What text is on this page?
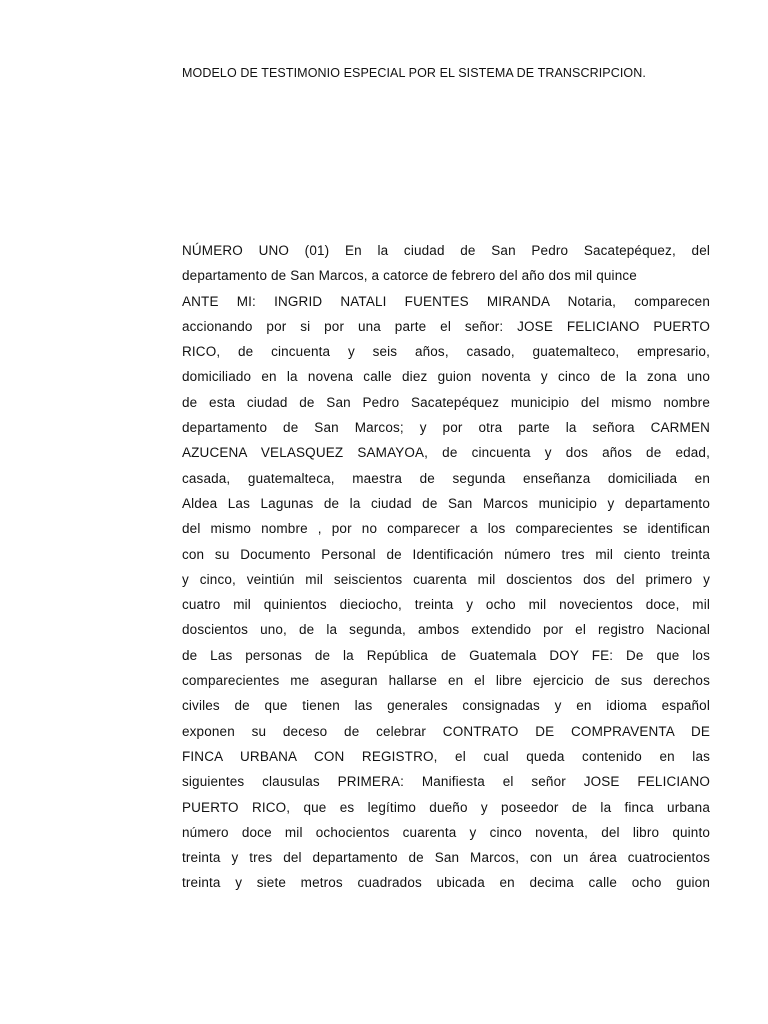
MODELO DE TESTIMONIO ESPECIAL POR EL SISTEMA DE TRANSCRIPCION.
NÚMERO UNO (01) En la ciudad de San Pedro Sacatepéquez, del
departamento de San Marcos, a catorce de febrero del año dos mil quince
ANTE MI: INGRID NATALI FUENTES MIRANDA Notaria, comparecen
accionando por si por una parte el señor: JOSE FELICIANO PUERTO
RICO, de cincuenta y seis años, casado, guatemalteco, empresario,
domiciliado en la novena calle diez guion noventa y cinco de la zona uno
de esta ciudad de San Pedro Sacatepéquez municipio del mismo nombre
departamento de San Marcos; y por otra parte la señora CARMEN
AZUCENA VELASQUEZ SAMAYOA, de cincuenta y dos años de edad,
casada, guatemalteca, maestra de segunda enseñanza domiciliada en
Aldea Las Lagunas de la ciudad de San Marcos municipio y departamento
del mismo nombre , por no comparecer a los comparecientes se identifican
con su Documento Personal de Identificación número tres mil ciento treinta
y cinco, veintiún mil seiscientos cuarenta mil doscientos dos del primero y
cuatro mil quinientos dieciocho, treinta y ocho mil novecientos doce, mil
doscientos uno, de la segunda, ambos extendido por el registro Nacional
de Las personas de la República de Guatemala DOY FE: De que los
comparecientes me aseguran hallarse en el libre ejercicio de sus derechos
civiles de que tienen las generales consignadas y en idioma español
exponen su deceso de celebrar CONTRATO DE COMPRAVENTA DE
FINCA URBANA CON REGISTRO, el cual queda contenido en las
siguientes clausulas PRIMERA: Manifiesta el señor JOSE FELICIANO
PUERTO RICO, que es legítimo dueño y poseedor de la finca urbana
número doce mil ochocientos cuarenta y cinco noventa, del libro quinto
treinta y tres del departamento de San Marcos, con un área cuatrocientos
treinta y siete metros cuadrados ubicada en decima calle ocho guion
